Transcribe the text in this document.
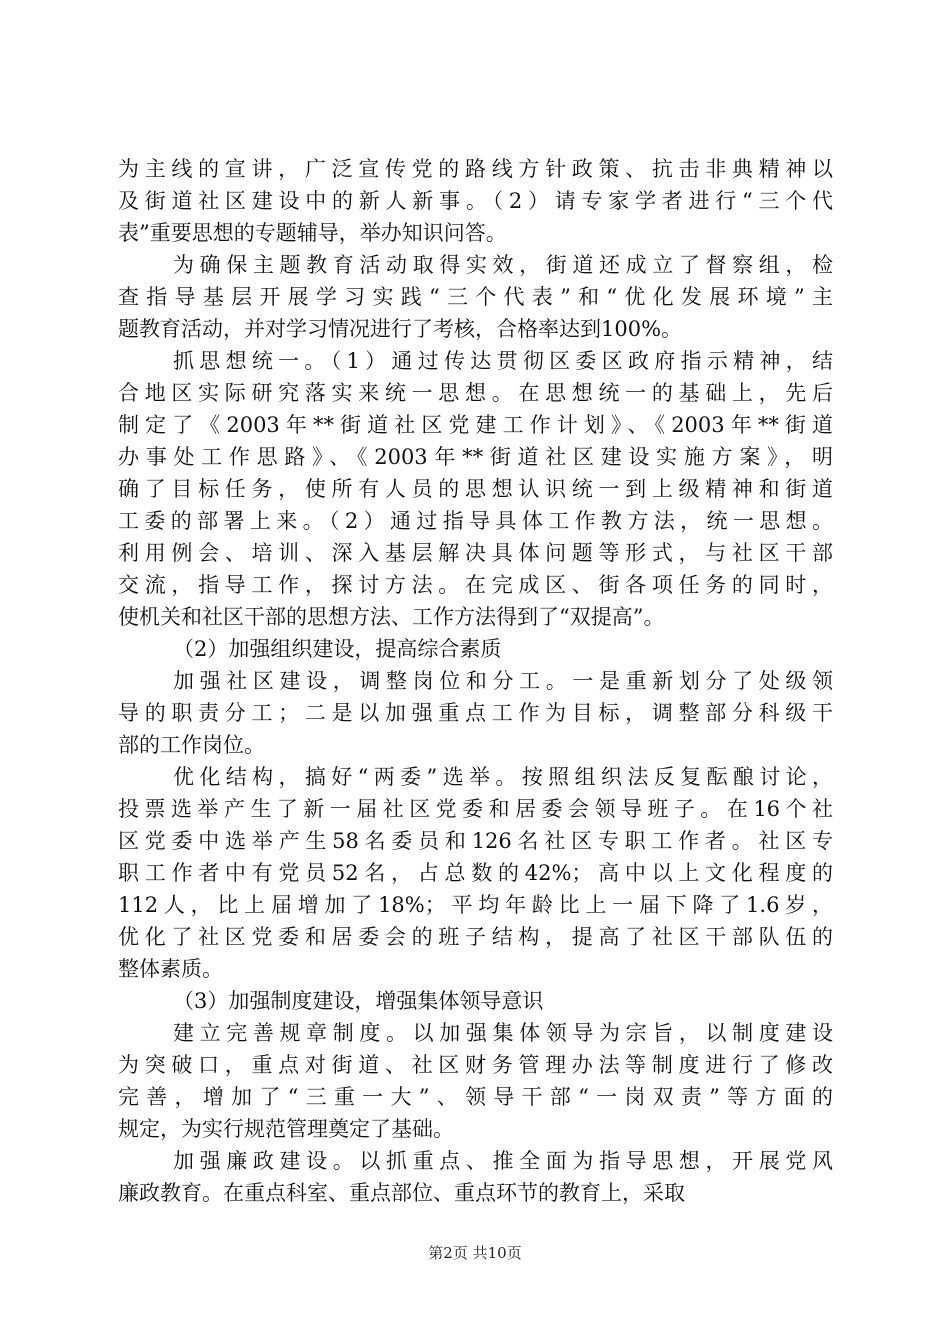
为主线的宣讲，广泛宣传党的路线方针政策、抗击非典精神以
及街道社区建设中的新人新事。（2）请专家学者进行“三个代
表”重要思想的专题辅导，举办知识问答。
为确保主题教育活动取得实效，街道还成立了督察组，检
查指导基层开展学习实践“三个代表”和“优化发展环境”主
题教育活动，并对学习情况进行了考核，合格率达到100%。
抓思想统一。（1）通过传达贯彻区委区政府指示精神，结
合地区实际研究落实来统一思想。在思想统一的基础上，先后
制定了《2003年**街道社区党建工作计划》、《2003年**街道
办事处工作思路》、《2003年**街道社区建设实施方案》，明
确了目标任务，使所有人员的思想认识统一到上级精神和街道
工委的部署上来。（2）通过指导具体工作教方法，统一思想。
利用例会、培训、深入基层解决具体问题等形式，与社区干部
交流，指导工作，探讨方法。在完成区、街各项任务的同时，
使机关和社区干部的思想方法、工作方法得到了“双提高”。
（2）加强组织建设，提高综合素质
加强社区建设，调整岗位和分工。一是重新划分了处级领
导的职责分工；二是以加强重点工作为目标，调整部分科级干
部的工作岗位。
优化结构，搞好“两委”选举。按照组织法反复酝酿讨论，
投票选举产生了新一届社区党委和居委会领导班子。在16个社
区党委中选举产生58名委员和126名社区专职工作者。社区专
职工作者中有党员52名，占总数的42%；高中以上文化程度的
112人，比上届增加了18%；平均年龄比上一届下降了1.6岁，
优化了社区党委和居委会的班子结构，提高了社区干部队伍的
整体素质。
（3）加强制度建设，增强集体领导意识
建立完善规章制度。以加强集体领导为宗旨，以制度建设
为突破口，重点对街道、社区财务管理办法等制度进行了修改
完善，增加了“三重一大”、领导干部“一岗双责”等方面的
规定，为实行规范管理奠定了基础。
加强廉政建设。以抓重点、推全面为指导思想，开展党风
廉政教育。在重点科室、重点部位、重点环节的教育上，采取
第2页 共10页
